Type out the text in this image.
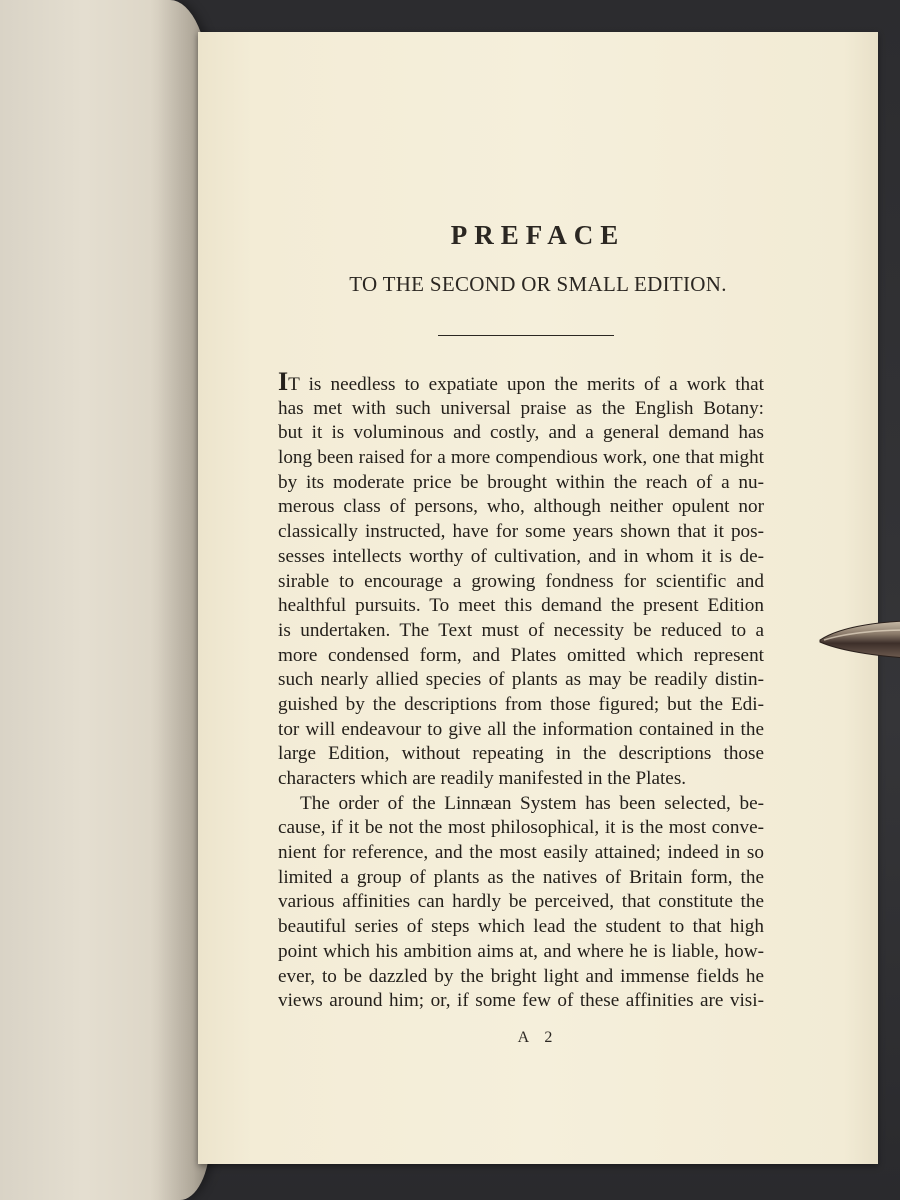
PREFACE
TO THE SECOND OR SMALL EDITION.
IT is needless to expatiate upon the merits of a work that
has met with such universal praise as the English Botany:
but it is voluminous and costly, and a general demand has
long been raised for a more compendious work, one that might
by its moderate price be brought within the reach of a nu-
merous class of persons, who, although neither opulent nor
classically instructed, have for some years shown that it pos-
sesses intellects worthy of cultivation, and in whom it is de-
sirable to encourage a growing fondness for scientific and
healthful pursuits. To meet this demand the present Edition
is undertaken. The Text must of necessity be reduced to a
more condensed form, and Plates omitted which represent
such nearly allied species of plants as may be readily distin-
guished by the descriptions from those figured; but the Edi-
tor will endeavour to give all the information contained in the
large Edition, without repeating in the descriptions those
characters which are readily manifested in the Plates.
The order of the Linnæan System has been selected, be-
cause, if it be not the most philosophical, it is the most conve-
nient for reference, and the most easily attained; indeed in so
limited a group of plants as the natives of Britain form, the
various affinities can hardly be perceived, that constitute the
beautiful series of steps which lead the student to that high
point which his ambition aims at, and where he is liable, how-
ever, to be dazzled by the bright light and immense fields he
views around him; or, if some few of these affinities are visi-
A 2
